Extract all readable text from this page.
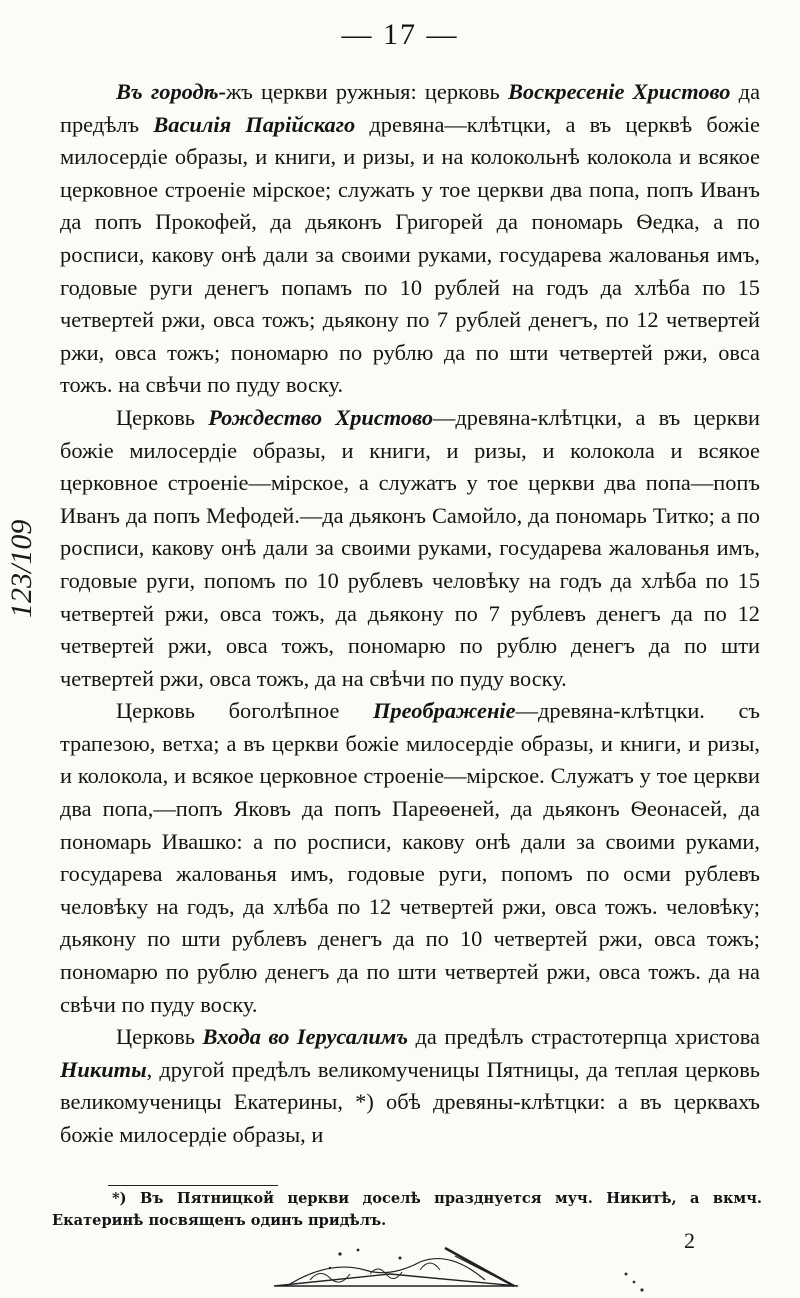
— 17 —
123/109

Въ городѣ-жъ церкви ружныя: церковь Воскресеніе Христово да предѣлъ Василія Парійскаго древяна—клѣтцки, а въ церквѣ божіе милосердіе образы, и книги, и ризы, и на колокольнѣ колокола и всякое церковное строеніе мірское; служать у тое церкви два попа, попъ Иванъ да попъ Прокофей, да дьяконъ Григорей да пономарь Ѳедка, а по росписи, какову онѣ дали за своими руками, государева жалованья имъ, годовые руги денегъ попамъ по 10 рублей на годъ да хлѣба по 15 четвертей ржи, овса тожъ; дьякону по 7 рублей денегъ, по 12 четвертей ржи, овса тожъ; пономарю по рублю да по шти четвертей ржи, овса тожъ. на свѣчи по пуду воску.

Церковь Рождество Христово—древяна-клѣтцки, а въ церкви божіе милосердіе образы, и книги, и ризы, и колокола и всякое церковное строеніе—мірское, а служатъ у тое церкви два попа—попъ Иванъ да попъ Мефодей.—да дьяконъ Самойло, да пономарь Титко; а по росписи, какову онѣ дали за своими руками, государева жалованья имъ, годовые руги, попомъ по 10 рублевъ человѣку на годъ да хлѣба по 15 четвертей ржи, овса тожъ, да дьякону по 7 рублевъ денегъ да по 12 четвертей ржи, овса тожъ, пономарю по рублю денегъ да по шти четвертей ржи, овса тожъ, да на свѣчи по пуду воску.

Церковь боголѣпное Преображеніе—древяна-клѣтцки. съ трапезою, ветха; а въ церкви божіе милосердіе образы, и книги, и ризы, и колокола, и всякое церковное строеніе—мірское. Служатъ у тое церкви два попа,—попъ Яковъ да попъ Пареѳеней, да дьяконъ Ѳеонасей, да пономарь Ивашко: а по росписи, какову онѣ дали за своими руками, государева жалованья имъ, годовые руги, попомъ по осми рублевъ человѣку на годъ, да хлѣба по 12 четвертей ржи, овса тожъ. человѣку; дьякону по шти рублевъ денегъ да по 10 четвертей ржи, овса тожъ; пономарю по рублю денегъ да по шти четвертей ржи, овса тожъ. да на свѣчи по пуду воску.

Церковь Входа во Іерусалимъ да предѣлъ страстотерпца христова Никиты, другой предѣлъ великомученицы Пятницы, да теплая церковь великомученицы Екатерины, *) обѣ древяны-клѣтцки: а въ церквахъ божіе милосердіе образы, и

*) Въ Пятницкой церкви доселѣ празднуется муч. Никитѣ, а вкмч. Екатеринѣ посвященъ одинъ придѣлъ.

2
